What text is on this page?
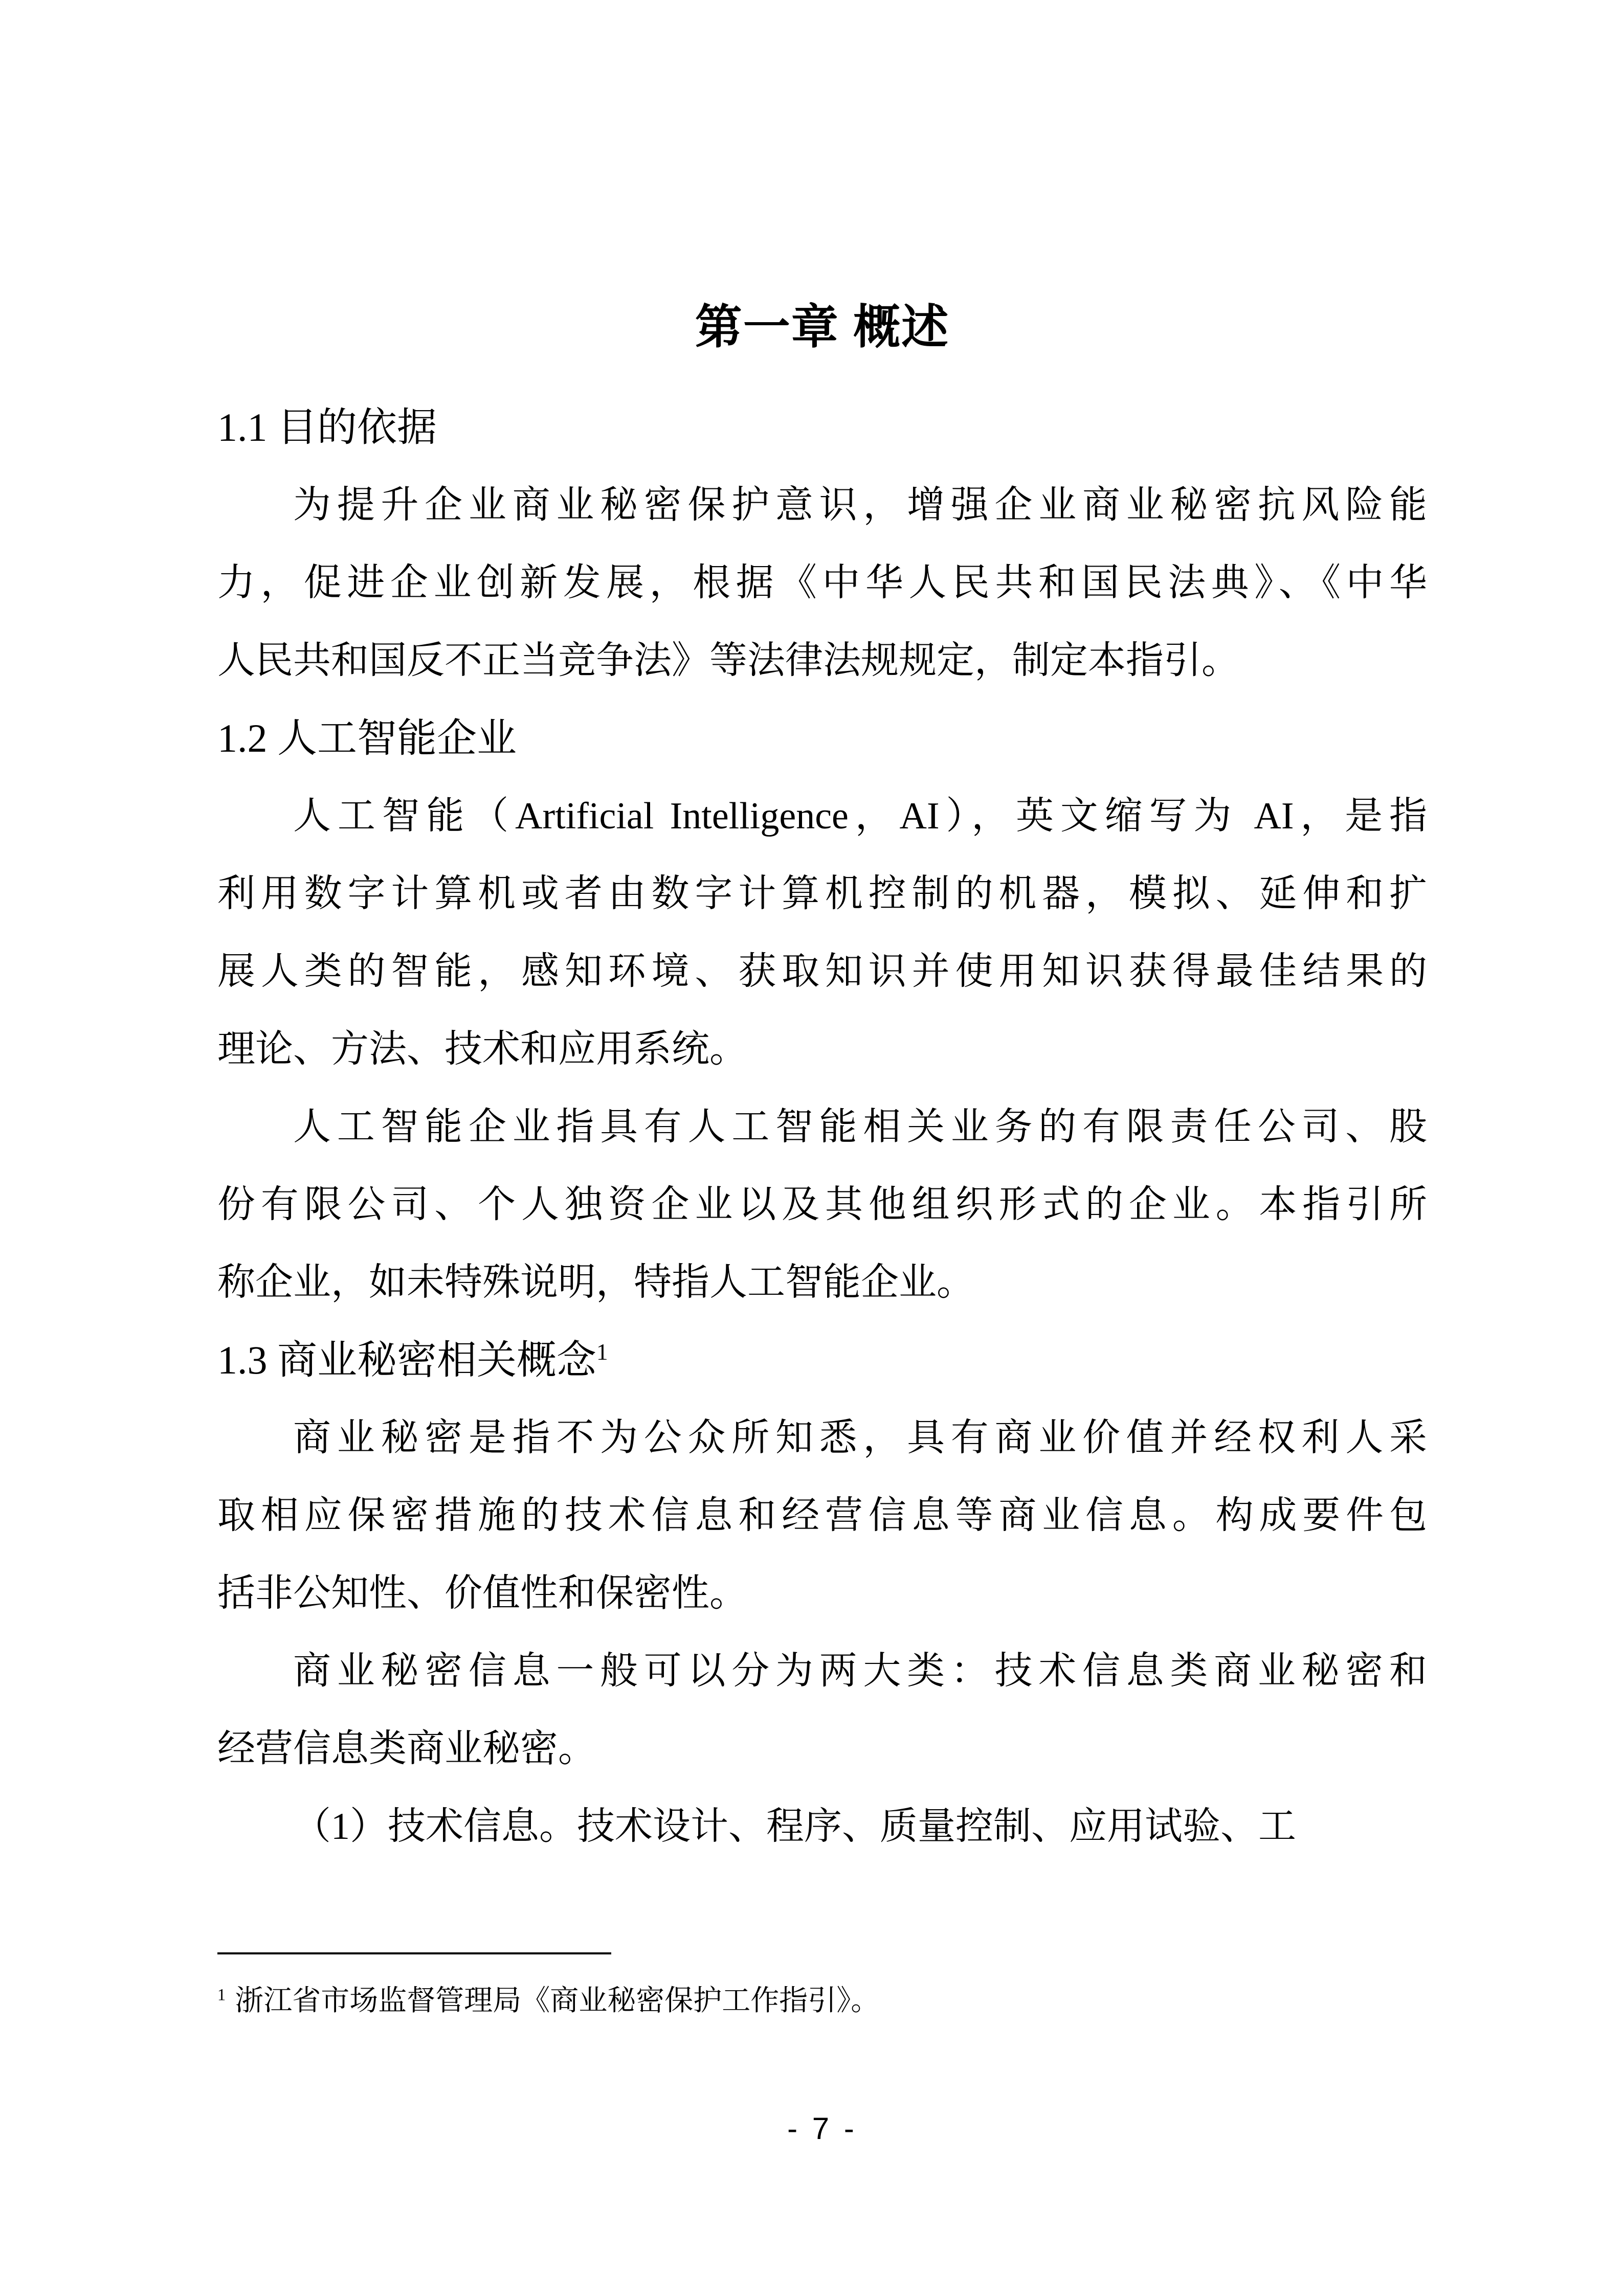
第一章 概述
1.1 目的依据
为提升企业商业秘密保护意识，增强企业商业秘密抗风险能
力，促进企业创新发展，根据《中华人民共和国民法典》、《中华
人民共和国反不正当竞争法》等法律法规规定，制定本指引。
1.2 人工智能企业
人工智能（Artificial Intelligence，AI），英文缩写为 AI，是指
利用数字计算机或者由数字计算机控制的机器，模拟、延伸和扩
展人类的智能，感知环境、获取知识并使用知识获得最佳结果的
理论、方法、技术和应用系统。
人工智能企业指具有人工智能相关业务的有限责任公司、股
份有限公司、个人独资企业以及其他组织形式的企业。本指引所
称企业，如未特殊说明，特指人工智能企业。
1.3 商业秘密相关概念$^1$
商业秘密是指不为公众所知悉，具有商业价值并经权利人采
取相应保密措施的技术信息和经营信息等商业信息。构成要件包
括非公知性、价值性和保密性。
商业秘密信息一般可以分为两大类：技术信息类商业秘密和
经营信息类商业秘密。
（1）技术信息。技术设计、程序、质量控制、应用试验、工
$^1$ 浙江省市场监督管理局《商业秘密保护工作指引》。
- 7 -
